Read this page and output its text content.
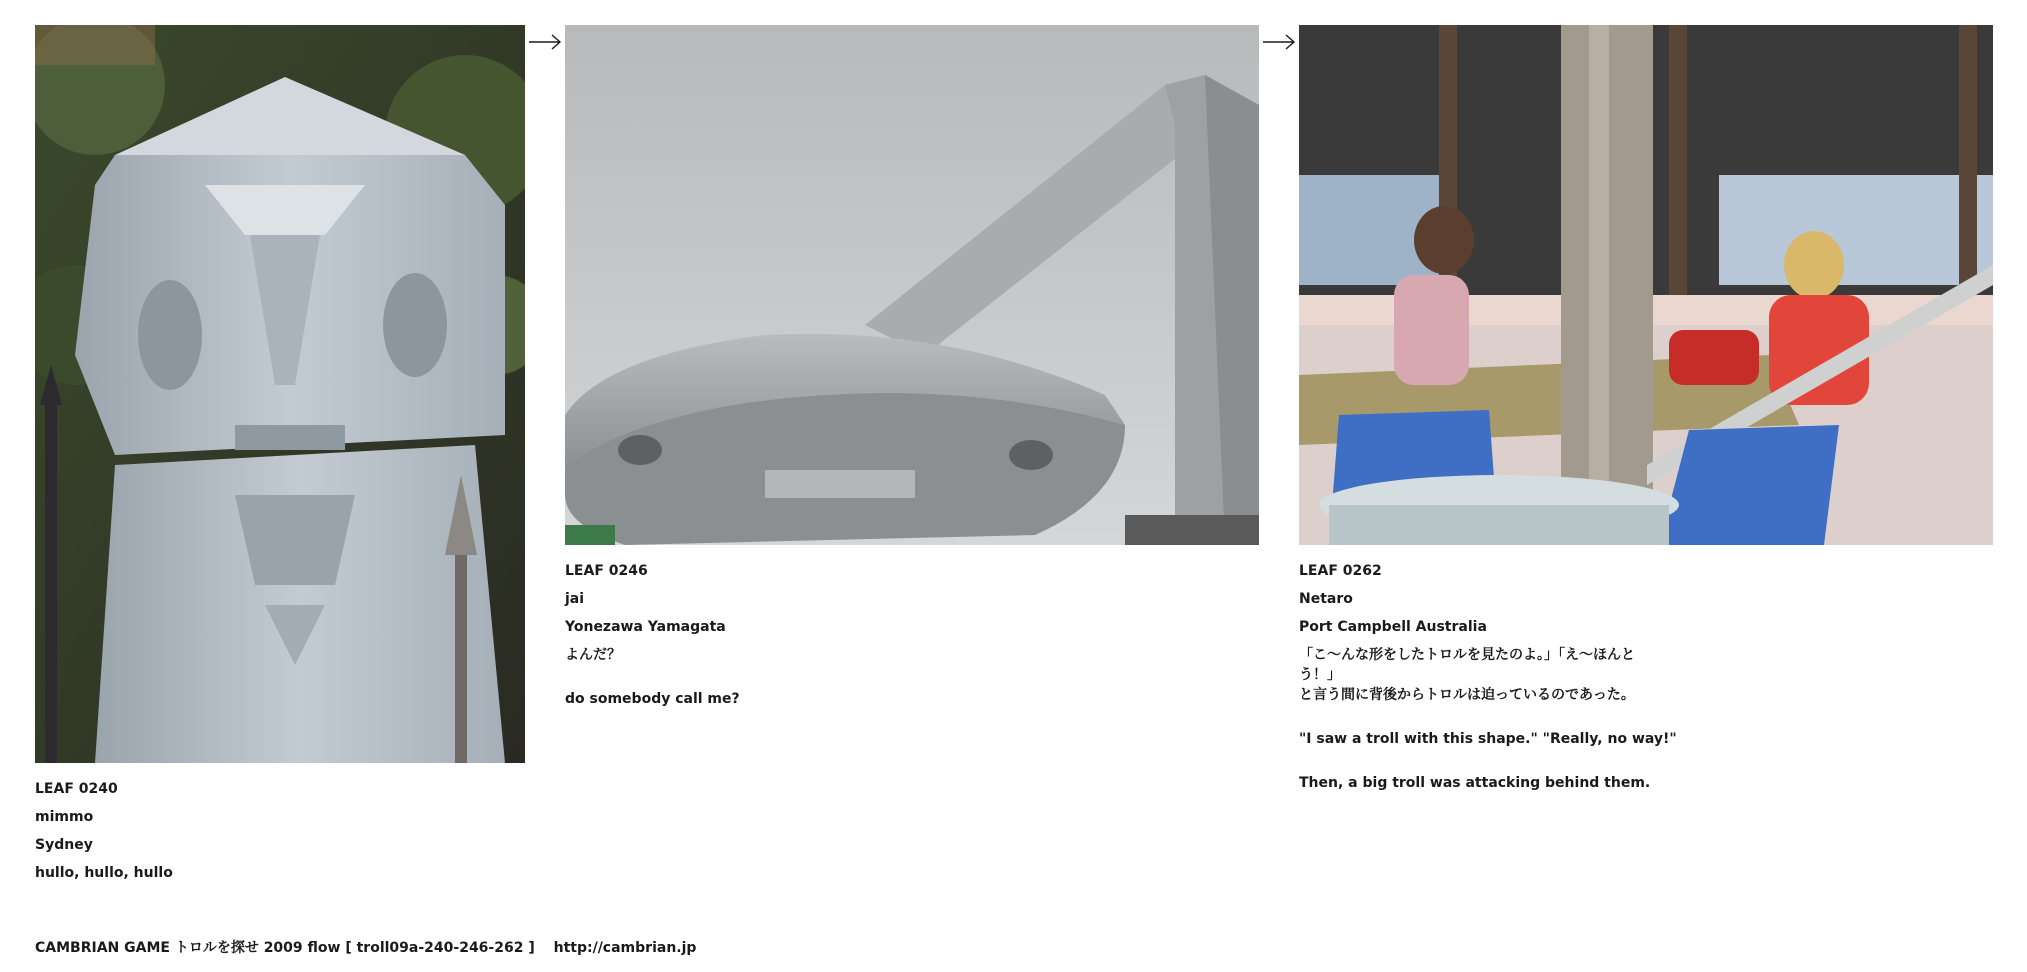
LEAF 0240
mimmo
Sydney
hullo, hullo, hullo
LEAF 0246
jai
Yonezawa Yamagata
よんだ？
do somebody call me?
LEAF 0262
Netaro
Port Campbell Australia
「こ〜んな形をしたトロルを見たのよ。」「え〜ほんとう！」
と言う間に背後からトロルは迫っているのであった。
"I saw a troll with this shape." "Really, no way!"
Then, a big troll was attacking behind them.
CAMBRIAN GAME トロルを探せ 2009 flow [ troll09a-240-246-262 ] http://cambrian.jp
